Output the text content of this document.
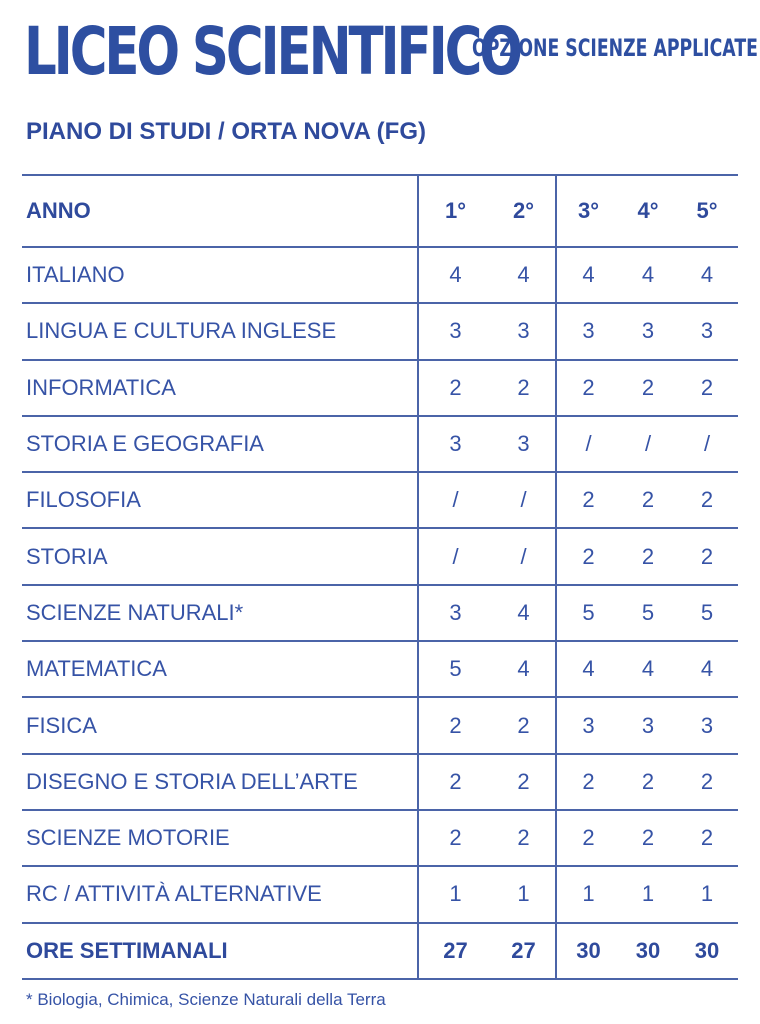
LICEO SCIENTIFICO
OPZIONE SCIENZE APPLICATE
PIANO DI STUDI / ORTA NOVA (FG)
ANNO	1°	2°	3°	4°	5°
ITALIANO	4	4	4	4	4
LINGUA E CULTURA INGLESE	3	3	3	3	3
INFORMATICA	2	2	2	2	2
STORIA E GEOGRAFIA	3	3	/	/	/
FILOSOFIA	/	/	2	2	2
STORIA	/	/	2	2	2
SCIENZE NATURALI*	3	4	5	5	5
MATEMATICA	5	4	4	4	4
FISICA	2	2	3	3	3
DISEGNO E STORIA DELL’ARTE	2	2	2	2	2
SCIENZE MOTORIE	2	2	2	2	2
RC / ATTIVITÀ ALTERNATIVE	1	1	1	1	1
ORE SETTIMANALI	27	27	30	30	30
* Biologia, Chimica, Scienze Naturali della Terra
